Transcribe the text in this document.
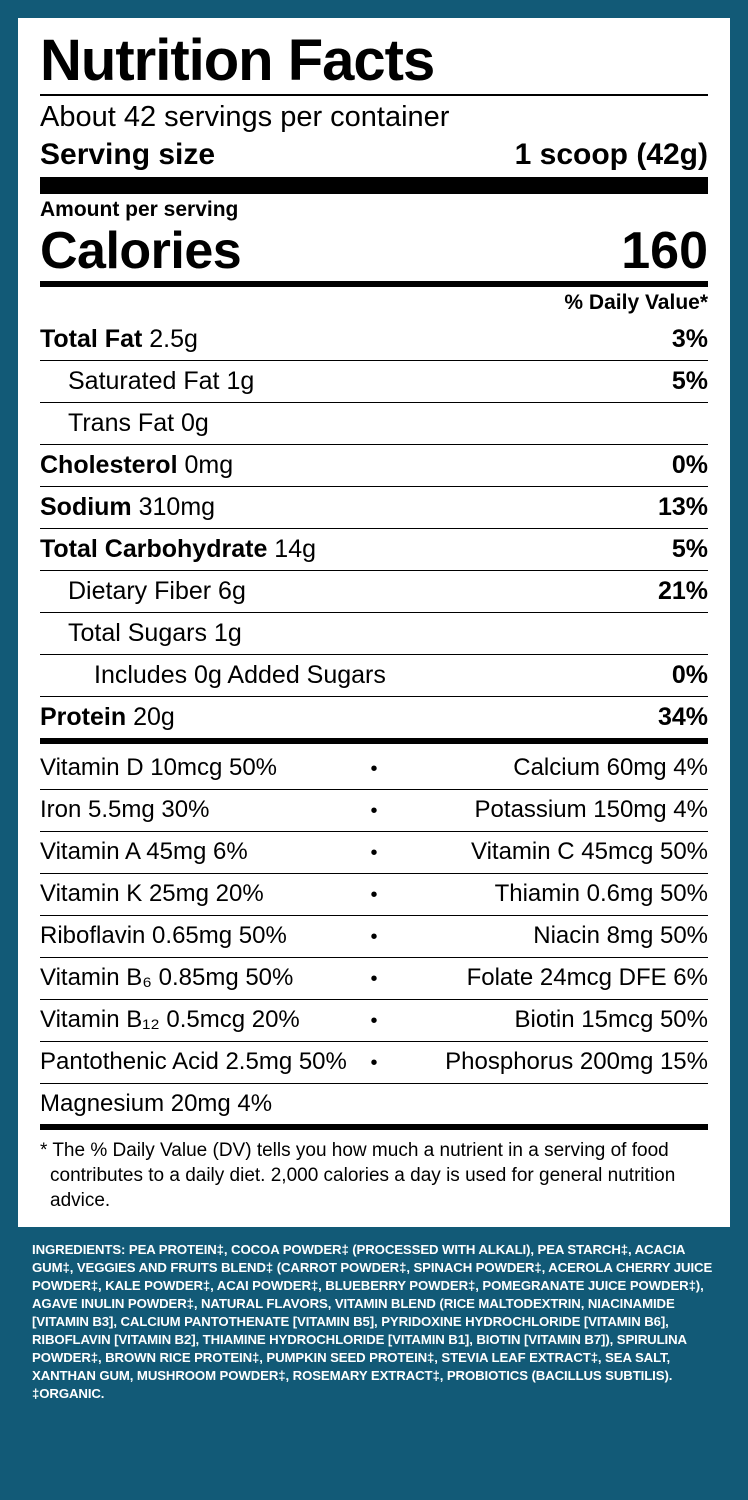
Nutrition Facts
About 42 servings per container
Serving size	1 scoop (42g)
Amount per serving
Calories	160
% Daily Value*
Total Fat 2.5g	3%
Saturated Fat 1g	5%
Trans Fat 0g
Cholesterol 0mg	0%
Sodium 310mg	13%
Total Carbohydrate 14g	5%
Dietary Fiber 6g	21%
Total Sugars 1g
Includes 0g Added Sugars	0%
Protein 20g	34%
Vitamin D 10mcg 50%	•	Calcium 60mg 4%
Iron 5.5mg 30%	•	Potassium 150mg 4%
Vitamin A 45mg 6%	•	Vitamin C 45mcg 50%
Vitamin K 25mg 20%	•	Thiamin 0.6mg 50%
Riboflavin 0.65mg 50%	•	Niacin 8mg 50%
Vitamin B₆ 0.85mg 50%	•	Folate 24mcg DFE 6%
Vitamin B₁₂ 0.5mcg 20%	•	Biotin 15mcg 50%
Pantothenic Acid 2.5mg 50%	•	Phosphorus 200mg 15%
Magnesium 20mg 4%

* The % Daily Value (DV) tells you how much a nutrient in a serving of food contributes to a daily diet. 2,000 calories a day is used for general nutrition advice.

INGREDIENTS: PEA PROTEIN‡, COCOA POWDER‡ (PROCESSED WITH ALKALI), PEA STARCH‡, ACACIA GUM‡, VEGGIES AND FRUITS BLEND‡ (CARROT POWDER‡, SPINACH POWDER‡, ACEROLA CHERRY JUICE POWDER‡, KALE POWDER‡, ACAI POWDER‡, BLUEBERRY POWDER‡, POMEGRANATE JUICE POWDER‡), AGAVE INULIN POWDER‡, NATURAL FLAVORS, VITAMIN BLEND (RICE MALTODEXTRIN, NIACINAMIDE [VITAMIN B3], CALCIUM PANTOTHENATE [VITAMIN B5], PYRIDOXINE HYDROCHLORIDE [VITAMIN B6], RIBOFLAVIN [VITAMIN B2], THIAMINE HYDROCHLORIDE [VITAMIN B1], BIOTIN [VITAMIN B7]), SPIRULINA POWDER‡, BROWN RICE PROTEIN‡, PUMPKIN SEED PROTEIN‡, STEVIA LEAF EXTRACT‡, SEA SALT, XANTHAN GUM, MUSHROOM POWDER‡, ROSEMARY EXTRACT‡, PROBIOTICS (BACILLUS SUBTILIS). ‡ORGANIC.
